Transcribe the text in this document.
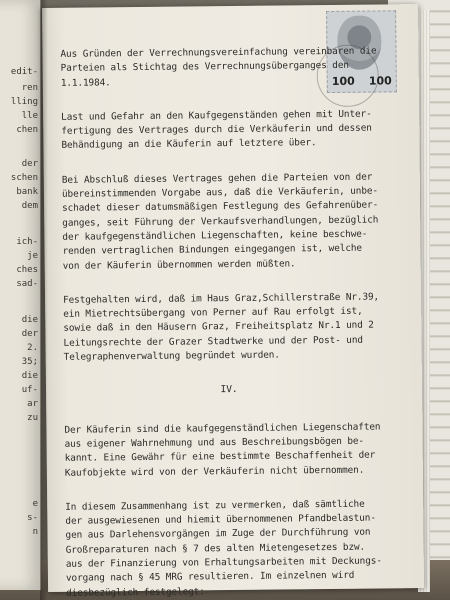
edit-
ren
lling
lle
chen
der
schen
bank
dem
ich-
je
ches
sad-
die
der
2.
35;
die
uf-
ar
zu
e
s-
n
100 100

Aus Gründen der Verrechnungsvereinfachung vereinbaren die
Parteien als Stichtag des Verrechnungsüberganges den
1.1.1984.

Last und Gefahr an den Kaufgegenständen gehen mit Unter-
fertigung des Vertrages durch die Verkäuferin und dessen
Behändigung an die Käuferin auf letztere über.

Bei Abschluß dieses Vertrages gehen die Parteien von der
übereinstimmenden Vorgabe aus, daß die Verkäuferin, unbe-
schadet dieser datumsmäßigen Festlegung des Gefahrenüber-
ganges, seit Führung der Verkaufsverhandlungen, bezüglich
der kaufgegenständlichen Liegenschaften, keine beschwe-
renden vertraglichen Bindungen eingegangen ist, welche
von der Käuferin übernommen werden müßten.

Festgehalten wird, daß im Haus Graz,Schillerstraße Nr.39,
ein Mietrechtsübergang von Perner auf Rau erfolgt ist,
sowie daß in den Häusern Graz, Freiheitsplatz Nr.1 und 2
Leitungsrechte der Grazer Stadtwerke und der Post- und
Telegraphenverwaltung begründet wurden.

IV.

Der Käuferin sind die kaufgegenständlichen Liegenschaften
aus eigener Wahrnehmung und aus Beschreibungsbögen be-
kannt. Eine Gewähr für eine bestimmte Beschaffenheit der
Kaufobjekte wird von der Verkäuferin nicht übernommen.

In diesem Zusammenhang ist zu vermerken, daß sämtliche
der ausgewiesenen und hiemit übernommenen Pfandbelastun-
gen aus Darlehensvorgängen im Zuge der Durchführung von
Großreparaturen nach § 7 des alten Mietengesetzes bzw.
aus der Finanzierung von Erhaltungsarbeiten mit Deckungs-
vorgang nach § 45 MRG resultieren. Im einzelnen wird
diesbezüglich festgelegt:
